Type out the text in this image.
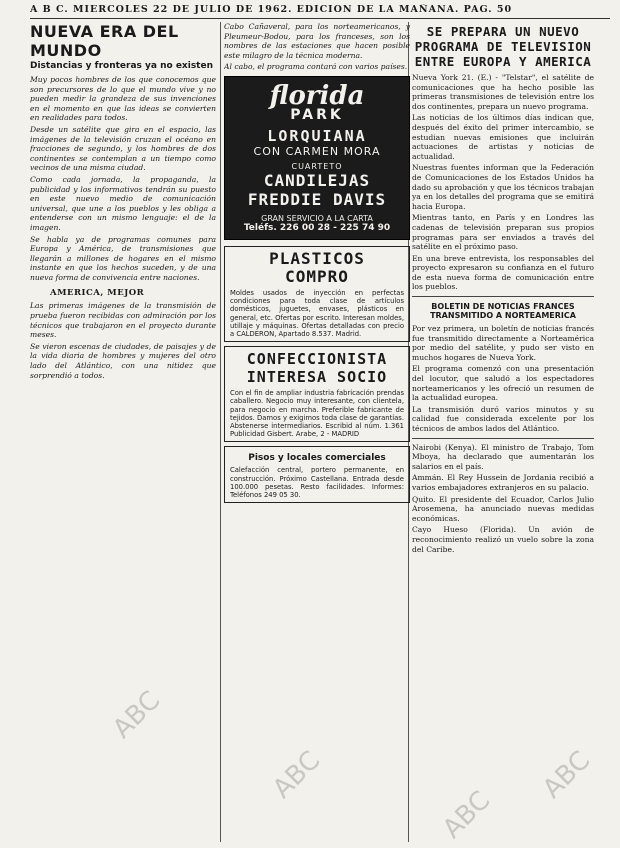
A B C. MIERCOLES 22 DE JULIO DE 1962. EDICION DE LA MAÑANA. PAG. 50
NUEVA ERA DEL MUNDO
Distancias y fronteras ya no existen

Muy pocos hombres de los que conocemos que son precursores de lo que el mundo vive y no pueden medir la grandeza de sus invenciones en el momento en que las ideas se convierten en realidades para todos.

Desde un satélite que gira en el espacio, las imágenes de la televisión cruzan el océano en fracciones de segundo, y los hombres de dos continentes se contemplan a un tiempo como vecinos de una misma ciudad.

Como cada jornada, la propaganda, la publicidad y los informativos tendrán su puesto en este nuevo medio de comunicación universal, que une a los pueblos y les obliga a entenderse con un mismo lenguaje: el de la imagen.

Se habla ya de programas comunes para Europa y América, de transmisiones que llegarán a millones de hogares en el mismo instante en que los hechos suceden, y de una nueva forma de convivencia entre naciones.

AMERICA, MEJOR

Las primeras imágenes de la transmisión de prueba fueron recibidas con admiración por los técnicos que trabajaron en el proyecto durante meses.

Se vieron escenas de ciudades, de paisajes y de la vida diaria de hombres y mujeres del otro lado del Atlántico, con una nitidez que sorprendió a todos.

Cabo Cañaveral, para los norteamericanos, y Pleumeur-Bodou, para los franceses, son los nombres de las estaciones que hacen posible este milagro de la técnica moderna.

Al cabo, el programa contará con varios países.

florida
PARK
LORQUIANA
CON CARMEN MORA
CUARTETO
CANDILEJAS
FREDDIE DAVIS
GRAN SERVICIO A LA CARTA
Teléfs. 226 00 28 - 225 74 90
PLASTICOS
COMPRO
Moldes usados de inyección en perfectas condiciones para toda clase de artículos domésticos, juguetes, envases, plásticos en general, etc. Ofertas por escrito. Interesan moldes, utillaje y máquinas. Ofertas detalladas con precio a CALDERON, Apartado 8.537. Madrid.
CONFECCIONISTA
INTERESA SOCIO
Con el fin de ampliar industria fabricación prendas caballero. Negocio muy interesante, con clientela, para negocio en marcha. Preferible fabricante de tejidos. Damos y exigimos toda clase de garantías. Abstenerse intermediarios. Escribid al núm. 1.361 Publicidad Gisbert. Arabe, 2 - MADRID
Pisos y locales comerciales
Calefacción central, portero permanente, en construcción. Próximo Castellana. Entrada desde 100.000 pesetas. Resto facilidades. Informes: Teléfonos 249 05 30.
SE PREPARA UN NUEVO PROGRAMA DE TELEVISION ENTRE EUROPA Y AMERICA

Nueva York 21. (E.) - "Telstar", el satélite de comunicaciones que ha hecho posible las primeras transmisiones de televisión entre los dos continentes, prepara un nuevo programa.

Las noticias de los últimos días indican que, después del éxito del primer intercambio, se estudian nuevas emisiones que incluirán actuaciones de artistas y noticias de actualidad.

Nuestras fuentes informan que la Federación de Comunicaciones de los Estados Unidos ha dado su aprobación y que los técnicos trabajan ya en los detalles del programa que se emitirá hacia Europa.

Mientras tanto, en París y en Londres las cadenas de televisión preparan sus propios programas para ser enviados a través del satélite en el próximo paso.

En una breve entrevista, los responsables del proyecto expresaron su confianza en el futuro de esta nueva forma de comunicación entre los pueblos.

BOLETIN DE NOTICIAS FRANCES TRANSMITIDO A NORTEAMERICA

Por vez primera, un boletín de noticias francés fue transmitido directamente a Norteamérica por medio del satélite, y pudo ser visto en muchos hogares de Nueva York.

El programa comenzó con una presentación del locutor, que saludó a los espectadores norteamericanos y les ofreció un resumen de la actualidad europea.

La transmisión duró varios minutos y su calidad fue considerada excelente por los técnicos de ambos lados del Atlántico.

Nairobi (Kenya). El ministro de Trabajo, Tom Mboya, ha declarado que aumentarán los salarios en el país.

Ammán. El Rey Hussein de Jordania recibió a varios embajadores extranjeros en su palacio.

Quito. El presidente del Ecuador, Carlos Julio Arosemena, ha anunciado nuevas medidas económicas.

Cayo Hueso (Florida). Un avión de reconocimiento realizó un vuelo sobre la zona del Caribe.

ABC
ABC
ABC
ABC
